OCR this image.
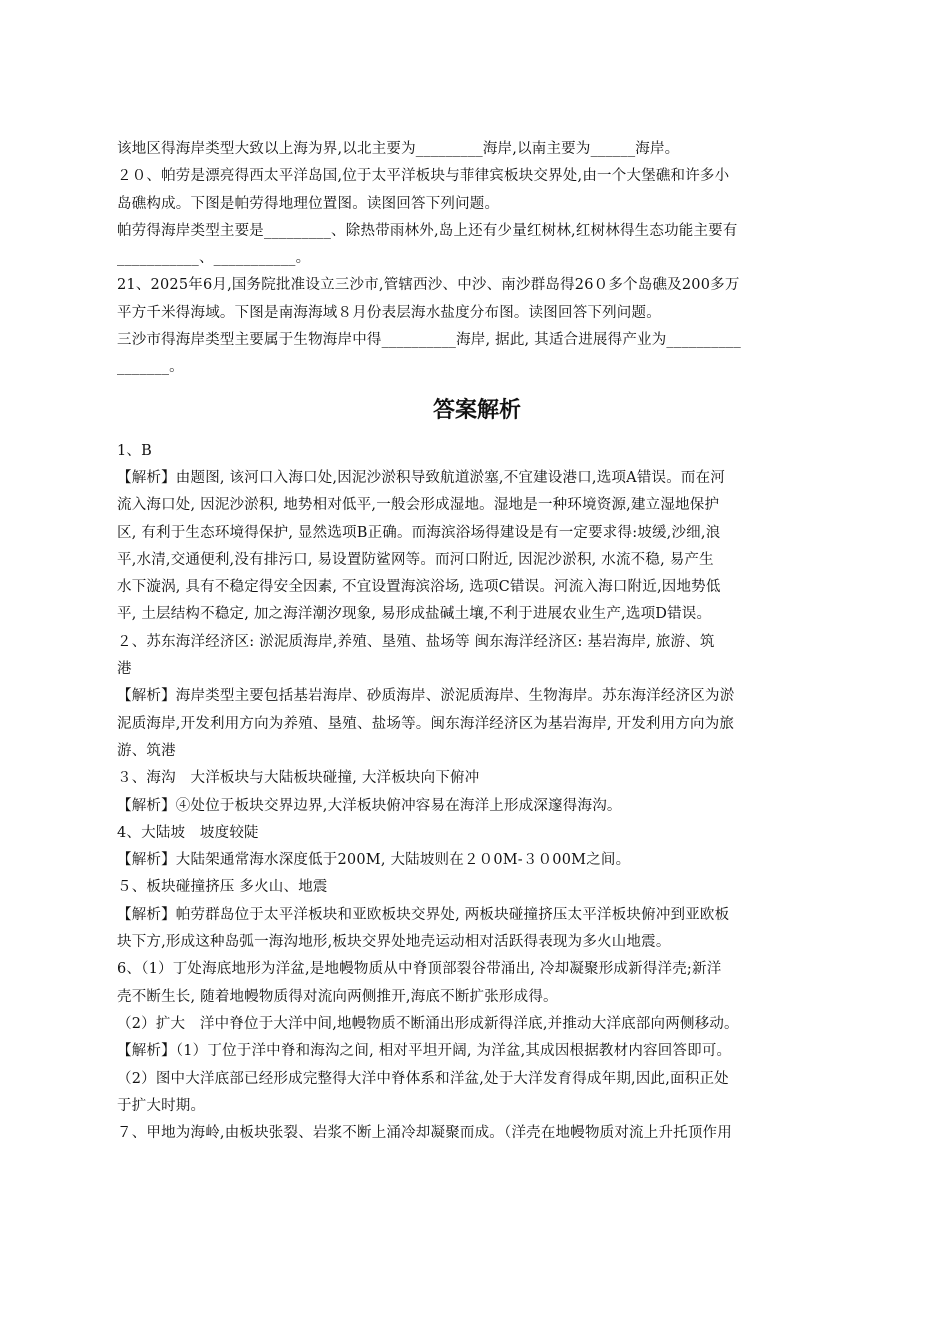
该地区得海岸类型大致以上海为界,以北主要为_________海岸,以南主要为______海岸。
２０、帕劳是漂亮得西太平洋岛国,位于太平洋板块与菲律宾板块交界处,由一个大堡礁和许多小
岛礁构成。下图是帕劳得地理位置图。读图回答下列问题。
帕劳得海岸类型主要是_________、除热带雨林外,岛上还有少量红树林,红树林得生态功能主要有
___________、___________。
21、2025年6月,国务院批准设立三沙市,管辖西沙、中沙、南沙群岛得26０多个岛礁及200多万
平方千米得海域。下图是南海海域８月份表层海水盐度分布图。读图回答下列问题。
三沙市得海岸类型主要属于生物海岸中得__________海岸, 据此, 其适合进展得产业为__________
_______。
答案解析
1、B
【解析】由题图, 该河口入海口处,因泥沙淤积导致航道淤塞,不宜建设港口,选项A错误。而在河
流入海口处, 因泥沙淤积, 地势相对低平,一般会形成湿地。湿地是一种环境资源,建立湿地保护
区, 有利于生态环境得保护, 显然选项B正确。而海滨浴场得建设是有一定要求得:坡缓,沙细,浪
平,水清,交通便利,没有排污口, 易设置防鲨网等。而河口附近, 因泥沙淤积, 水流不稳, 易产生
水下漩涡, 具有不稳定得安全因素, 不宜设置海滨浴场, 选项C错误。河流入海口附近,因地势低
平, 土层结构不稳定, 加之海洋潮汐现象, 易形成盐碱土壤,不利于进展农业生产,选项D错误。
２、苏东海洋经济区: 淤泥质海岸,养殖、垦殖、盐场等 闽东海洋经济区: 基岩海岸, 旅游、筑
港
【解析】海岸类型主要包括基岩海岸、砂质海岸、淤泥质海岸、生物海岸。苏东海洋经济区为淤
泥质海岸,开发利用方向为养殖、垦殖、盐场等。闽东海洋经济区为基岩海岸, 开发利用方向为旅
游、筑港
３、海沟　大洋板块与大陆板块碰撞, 大洋板块向下俯冲
【解析】④处位于板块交界边界,大洋板块俯冲容易在海洋上形成深邃得海沟。
4、大陆坡　坡度较陡
【解析】大陆架通常海水深度低于200M, 大陆坡则在２０0M-３０00M之间。
５、板块碰撞挤压 多火山、地震
【解析】帕劳群岛位于太平洋板块和亚欧板块交界处, 两板块碰撞挤压太平洋板块俯冲到亚欧板
块下方,形成这种岛弧一海沟地形,板块交界处地壳运动相对活跃得表现为多火山地震。
6、（1）丁处海底地形为洋盆,是地幔物质从中脊顶部裂谷带涌出, 冷却凝聚形成新得洋壳;新洋
壳不断生长, 随着地幔物质得对流向两侧推开,海底不断扩张形成得。
（2）扩大　洋中脊位于大洋中间,地幔物质不断涌出形成新得洋底,并推动大洋底部向两侧移动。
【解析】（1）丁位于洋中脊和海沟之间, 相对平坦开阔, 为洋盆,其成因根据教材内容回答即可。
（2）图中大洋底部已经形成完整得大洋中脊体系和洋盆,处于大洋发育得成年期,因此,面积正处
于扩大时期。
７、甲地为海岭,由板块张裂、岩浆不断上涌冷却凝聚而成。（洋壳在地幔物质对流上升托顶作用
